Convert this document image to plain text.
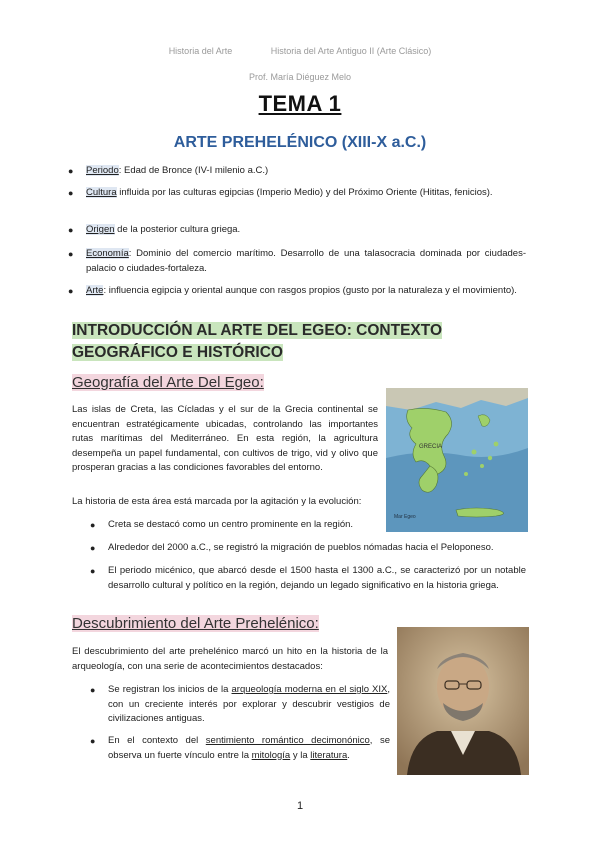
Historia del Arte	Historia del Arte Antiguo II (Arte Clásico)
Prof. María Diéguez Melo
TEMA 1
ARTE PREHELÉNICO (XIII-X a.C.)
● Periodo: Edad de Bronce (IV-I milenio a.C.)
● Cultura influida por las culturas egipcias (Imperio Medio) y del Próximo Oriente (Hititas, fenicios).
● Origen de la posterior cultura griega.
● Economía: Dominio del comercio marítimo. Desarrollo de una talasocracia dominada por ciudades-palacio o ciudades-fortaleza.
● Arte: influencia egipcia y oriental aunque con rasgos propios (gusto por la naturaleza y el movimiento).
INTRODUCCIÓN AL ARTE DEL EGEO: CONTEXTO GEOGRÁFICO E HISTÓRICO
Geografía del Arte Del Egeo:
Las islas de Creta, las Cícladas y el sur de la Grecia continental se encuentran estratégicamente ubicadas, controlando las importantes rutas marítimas del Mediterráneo. En esta región, la agricultura desempeña un papel fundamental, con cultivos de trigo, vid y olivo que prosperan gracias a las condiciones favorables del entorno.
GRECIA
Mar Egeo
La historia de esta área está marcada por la agitación y la evolución:
● Creta se destacó como un centro prominente en la región.
● Alrededor del 2000 a.C., se registró la migración de pueblos nómadas hacia el Peloponeso.
● El periodo micénico, que abarcó desde el 1500 hasta el 1300 a.C., se caracterizó por un notable desarrollo cultural y político en la región, dejando un legado significativo en la historia griega.
Descubrimiento del Arte Prehelénico:
El descubrimiento del arte prehelénico marcó un hito en la historia de la arqueología, con una serie de acontecimientos destacados:
● Se registran los inicios de la arqueología moderna en el siglo XIX, con un creciente interés por explorar y descubrir vestigios de civilizaciones antiguas.
● En el contexto del sentimiento romántico decimonónico, se observa un fuerte vínculo entre la mitología y la literatura.
1
